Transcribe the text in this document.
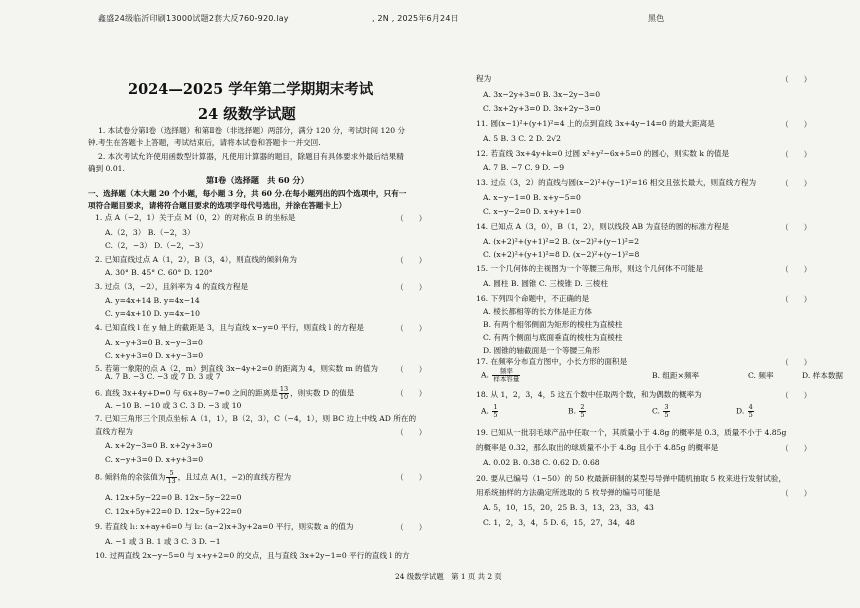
鑫盛24级临沂印刷13000试题2套大反760-920.lay	, 2N , 2025年6月24日	黑色
2024—2025 学年第二学期期末考试
24 级数学试题
1. 本试卷分第Ⅰ卷（选择题）和第Ⅱ卷（非选择题）两部分，满分 120 分，考试时间 120 分
钟.考生在答题卡上答题，考试结束后，请将本试卷和答题卡一并交回.
2. 本次考试允许使用函数型计算器，凡使用计算器的题目，除题目有具体要求外最后结果精
确到 0.01.
第Ⅰ卷（选择题　共 60 分）
一、选择题（本大题 20 个小题，每小题 3 分，共 60 分.在每小题列出的四个选项中，只有一
项符合题目要求，请将符合题目要求的选项字母代号选出，并涂在答题卡上）
1. 点 A（−2，1）关于点 M（0，2）的对称点 B 的坐标是	（　　）
A.（2，3） B.（−2，3）
C.（2，−3） D.（−2，−3）
2. 已知直线过点 A（1，2），B（3，4），则直线的倾斜角为	（　　）
A. 30° B. 45° C. 60° D. 120°
3. 过点（3，−2），且斜率为 4 的直线方程是	（　　）
A. y=4x+14 B. y=4x−14
C. y=4x+10 D. y=4x−10
4. 已知直线 l 在 y 轴上的截距是 3，且与直线 x−y=0 平行，则直线 l 的方程是	（　　）
A. x−y+3=0 B. x−y−3=0
C. x+y+3=0 D. x+y−3=0
5. 若第一象限的点 A（2，m）到直线 3x−4y+2=0 的距离为 4，则实数 m 的值为 （　　）
A. 7 B. −3 C. −3 或 7 D. 3 或 7
6. 直线 3x+4y+D=0 与 6x+8y−7=0 之间的距离是 $\frac{13}{10}$ ，则实数 D 的值是	（　　）
A. −10 B. −10 或 3 C. 3 D. −3 或 10
7. 已知三角形三个顶点坐标 A（1，1），B（2，3），C（−4，1），则 BC 边上中线 AD 所在的
直线方程为	（　　）
A. x+2y−3=0 B. x+2y+3=0
C. x−y+3=0 D. x+y+3=0
8. 倾斜角的余弦值为 $\frac{5}{13}$ ，且过点 A(1，−2)的直线方程为	（　　）
A. 12x+5y−22=0 B. 12x−5y−22=0
C. 12x+5y+22=0 D. 12x−5y+22=0
9. 若直线 l₁: x+ay+6=0 与 l₂: (a−2)x+3y+2a=0 平行，则实数 a 的值为	（　　）
A. −1 或 3 B. 1 或 3 C. 3 D. −1
10. 过两直线 2x−y−5=0 与 x+y+2=0 的交点，且与直线 3x+2y−1=0 平行的直线 l 的方
程为	（　　）
A. 3x−2y+3=0 B. 3x−2y−3=0
C. 3x+2y+3=0 D. 3x+2y−3=0
11. 圆(x−1)²+(y+1)²=4 上的点到直线 3x+4y−14=0 的最大距离是	（　　）
A. 5 B. 3 C. 2 D. 2√2
12. 若直线 3x+4y+k=0 过圆 x²+y²−6x+5=0 的圆心，则实数 k 的值是	（　　）
A. 7 B. −7 C. 9 D. −9
13. 过点（3，2）的直线与圆(x−2)²+(y−1)²=16 相交且弦长最大，则直线方程为	（　　）
A. x−y−1=0 B. x+y−5=0
C. x−y−2=0 D. x+y+1=0
14. 已知点 A（3，0），B（1，2），则以线段 AB 为直径的圆的标准方程是	（　　）
A. (x+2)²+(y+1)²=2 B. (x−2)²+(y−1)²=2
C. (x+2)²+(y+1)²=8 D. (x−2)²+(y−1)²=8
15. 一个几何体的主视图为一个等腰三角形，则这个几何体不可能是	（　　）
A. 圆柱 B. 圆锥 C. 三棱锥 D. 三棱柱
16. 下列四个命题中，不正确的是	（　　）
A. 棱长都相等的长方体是正方体
B. 有两个相邻侧面为矩形的棱柱为直棱柱
C. 有两个侧面与底面垂直的棱柱为直棱柱
D. 圆锥的轴截面是一个等腰三角形
17. 在频率分布直方图中，小长方形的面积是	（　　）
A. $\frac{\text{频率}}{\text{样本容量}}$	B. 组距×频率	C. 频率	D. 样本数据
18. 从 1，2，3，4，5 这五个数中任取两个数，和为偶数的概率为	（　　）
A. $\frac{1}{5}$	B. $\frac{2}{5}$	C. $\frac{3}{5}$	D. $\frac{4}{5}$
19. 已知从一批羽毛球产品中任取一个，其质量小于 4.8g 的概率是 0.3，质量不小于 4.85g
的概率是 0.32，那么取出的球质量不小于 4.8g 且小于 4.85g 的概率是	（　　）
A. 0.02 B. 0.38 C. 0.62 D. 0.68
20. 要从已编号（1~50）的 50 枚最新研制的某型号导弹中随机抽取 5 枚来进行发射试验，
用系统抽样的方法确定所选取的 5 枚导弹的编号可能是	（　　）
A. 5，10，15，20，25 B. 3，13，23，33，43
C. 1，2，3，4，5 D. 6，15，27，34，48
24 级数学试题　第 1 页 共 2 页
